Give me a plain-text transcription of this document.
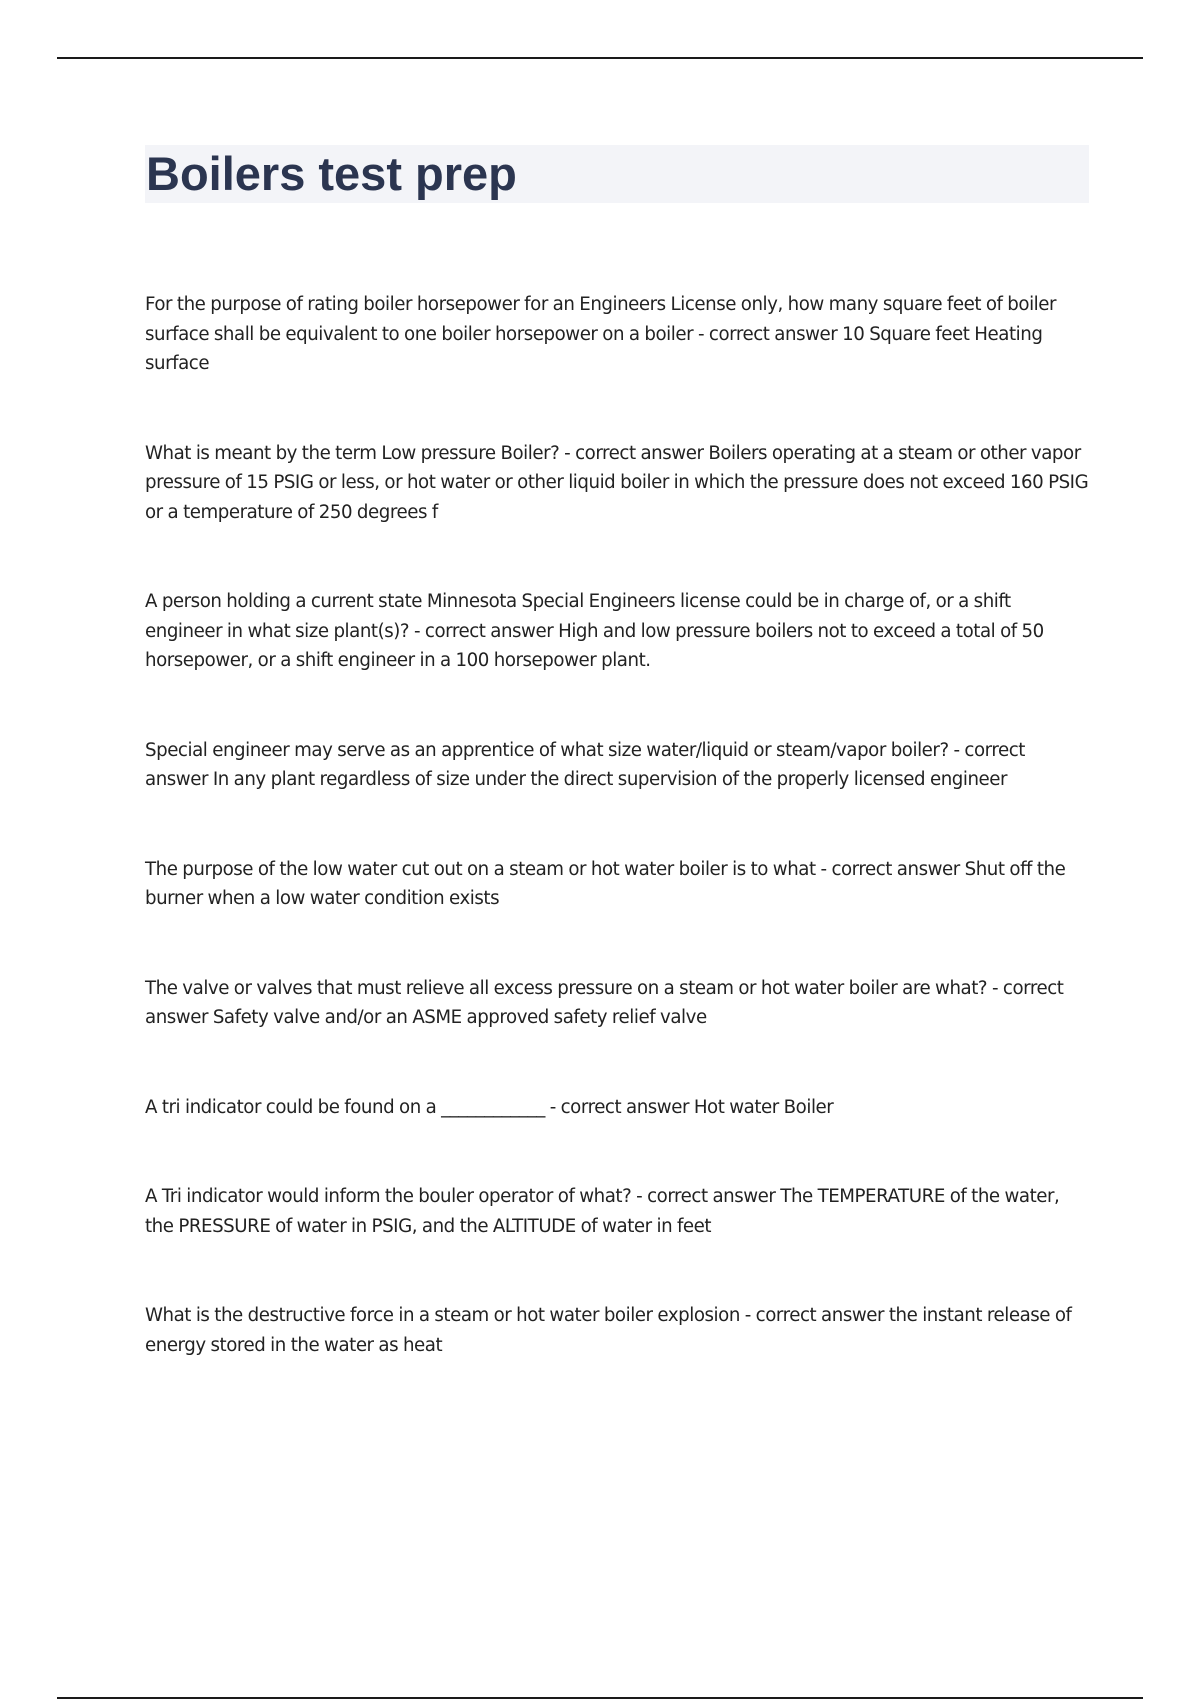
Boilers test prep

For the purpose of rating boiler horsepower for an Engineers License only, how many square feet of boiler surface shall be equivalent to one boiler horsepower on a boiler - correct answer 10 Square feet Heating surface

What is meant by the term Low pressure Boiler? - correct answer Boilers operating at a steam or other vapor pressure of 15 PSIG or less, or hot water or other liquid boiler in which the pressure does not exceed 160 PSIG or a temperature of 250 degrees f

A person holding a current state Minnesota Special Engineers license could be in charge of, or a shift engineer in what size plant(s)? - correct answer High and low pressure boilers not to exceed a total of 50 horsepower, or a shift engineer in a 100 horsepower plant.

Special engineer may serve as an apprentice of what size water/liquid or steam/vapor boiler? - correct answer In any plant regardless of size under the direct supervision of the properly licensed engineer

The purpose of the low water cut out on a steam or hot water boiler is to what - correct answer Shut off the burner when a low water condition exists

The valve or valves that must relieve all excess pressure on a steam or hot water boiler are what? - correct answer Safety valve and/or an ASME approved safety relief valve

A tri indicator could be found on a ____________ - correct answer Hot water Boiler

A Tri indicator would inform the bouler operator of what? - correct answer The TEMPERATURE of the water, the PRESSURE of water in PSIG, and the ALTITUDE of water in feet

What is the destructive force in a steam or hot water boiler explosion - correct answer the instant release of energy stored in the water as heat
